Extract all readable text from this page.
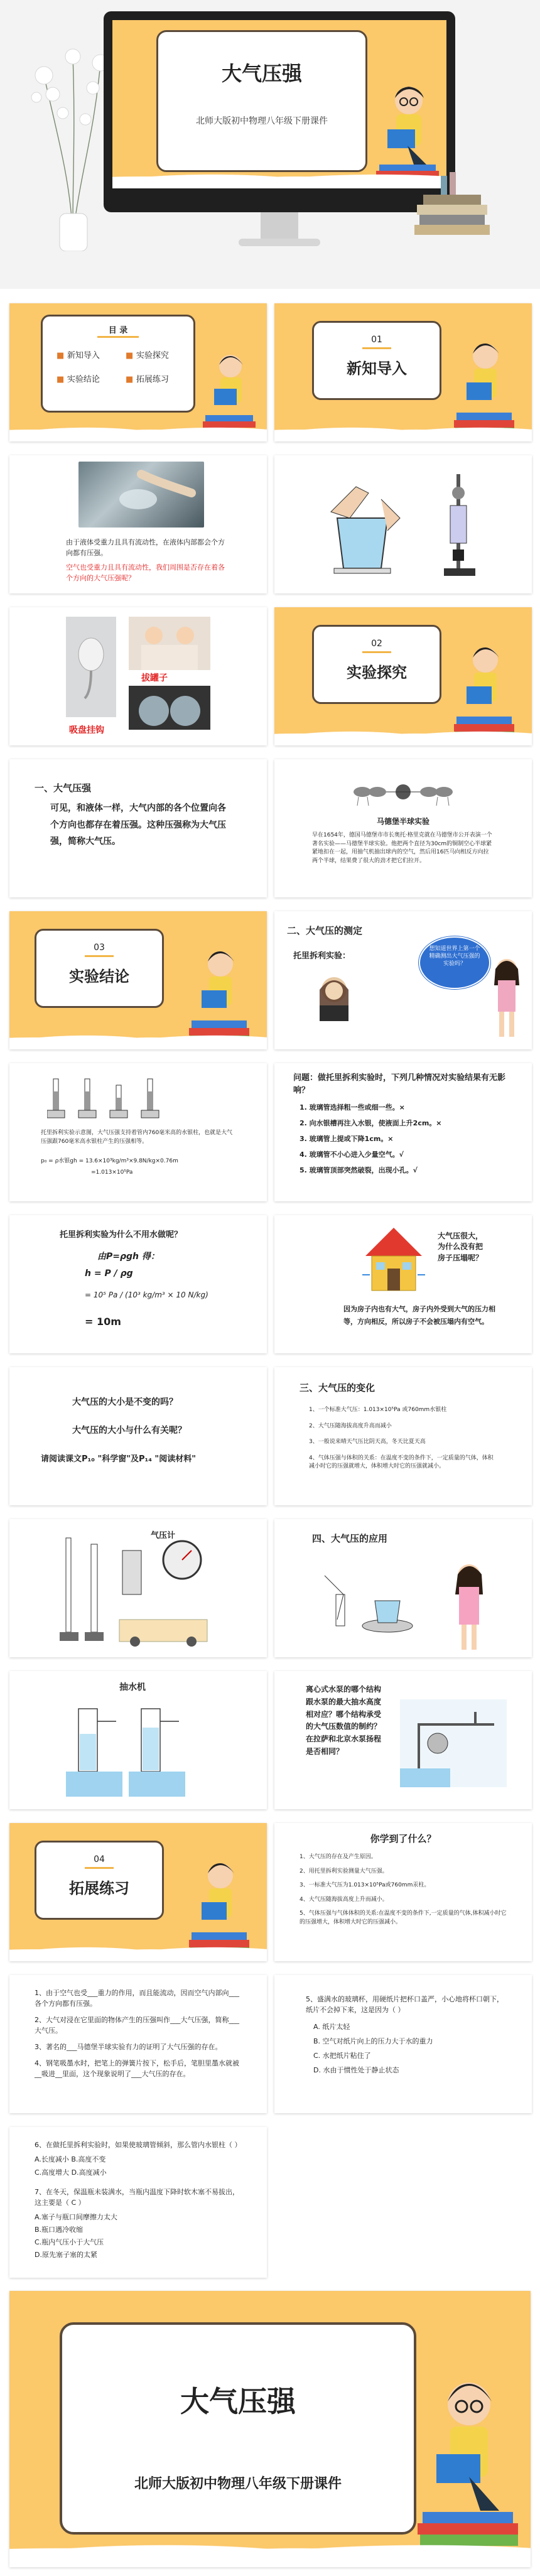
大气压强
北师大版初中物理八年级下册课件
目 录
■ 新知导入	■ 实验探究
■ 实验结论	■ 拓展练习
01
新知导入
由于液体受重力且具有流动性，在液体内部都会个方向都有压强。
空气也受重力且具有流动性，我们周围是否存在着各个方向的大气压强呢？
拔罐子
吸盘挂钩
02
实验探究
一、大气压强
可见，和液体一样，大气内部的各个位置向各个方向也都存在着压强。这种压强称为大气压强，简称大气压。
马德堡半球实验
早在1654年，德国马德堡市市长奥托·格里克就在马德堡市公开表演一个著名实验——马德堡半球实验。他把两个直径为30cm的铜制空心半球紧紧地扣在一起，用抽气机抽出球内的空气，然后用16匹马向相反方向拉两个半球，结果费了很大的劲才把它们拉开。
03
实验结论
二、大气压的测定
托里拆利实验：
想知道世界上第一个精确测出大气压强的实验吗？
托里拆利实验示意图，大气压强支持着管内760毫米高的水银柱，也就是大气压强跟760毫米高水银柱产生的压强相等。
p₀ = ρ水银gh = 13.6×10³kg/m³×9.8N/kg×0.76m
=1.013×10⁵Pa
问题：做托里拆利实验时，下列几种情况对实验结果有无影响？
1. 玻璃管选择粗一些或细一些。×
2. 向水银槽再注入水银，使液面上升2cm。×
3. 玻璃管上提或下降1cm。×
4. 玻璃管不小心进入少量空气。√
5. 玻璃管顶部突然破裂，出现小孔。√
托里拆利实验为什么不用水做呢？
由P=ρgh 得：
h = P / ρg
= 10⁵ Pa / (10³ kg/m³ × 10 N/kg)
= 10m
大气压很大，为什么没有把房子压塌呢？
因为房子内也有大气，房子内外受到大气的压力相等，方向相反，所以房子不会被压塌内有空气。
大气压的大小是不变的吗？
大气压的大小与什么有关呢？
请阅读课文P₁₀ "科学窗"及P₁₄ "阅读材料"
三、大气压的变化
1、一个标准大气压：1.013×10⁵Pa 或760mm水银柱
2、大气压随海拔高度升高而减小
3、一般说来晴天气压比阴天高，冬天比夏天高
4、气体压强与体积的关系：在温度不变的条件下，一定质量的气体，体积减小时它的压强就增大，体积增大时它的压强就减小。
气压计	四、大气压的应用
抽水机	离心式水泵的哪个结构跟水泵的最大抽水高度相对应？哪个结构承受的大气压数值的制约？在拉萨和北京水泵扬程是否相同？
04
拓展练习
你学到了什么？
1、大气压的存在及产生原因。
2、用托里拆利实验测量大气压强。
3、一标准大气压为1.013×10⁵Pa或760mm汞柱。
4、大气压随海拔高度上升而减小。
5、气体压强与气体体积的关系:在温度不变的条件下,一定质量的气体,体积减小时它的压强增大，体积增大时它的压强减小。
1、由于空气也受___重力的作用，而且能流动，因而空气内部向___各个方向都有压强。
2、大气对浸在它里面的物体产生的压强叫作___大气压强，简称___大气压。
3、著名的___马德堡半球实验有力的证明了大气压强的存在。
4、钢笔吸墨水时，把笔上的弹簧片按下，松手后，笔胆里墨水就被__吸进__里面，这个现象说明了___大气压的存在。
5、盛满水的玻璃杯，用硬纸片把杯口盖严，小心地将杯口朝下，纸片不会掉下来，这是因为（ ）
A. 纸片太轻
B. 空气对纸片向上的压力大于水的重力
C. 水把纸片粘住了
D. 水由于惯性处于静止状态
6、在做托里拆利实验时，如果使玻璃管倾斜，那么管内水银柱（ ）
A.长度减小 B.高度不变
C.高度增大 D.高度减小
7、在冬天，保温瓶未装满水，当瓶内温度下降时软木塞不易拔出，这主要是（ C ）
A.塞子与瓶口间摩擦力太大
B.瓶口遇冷收缩
C.瓶内气压小于大气压
D.原先塞子塞的太紧
大气压强
北师大版初中物理八年级下册课件
